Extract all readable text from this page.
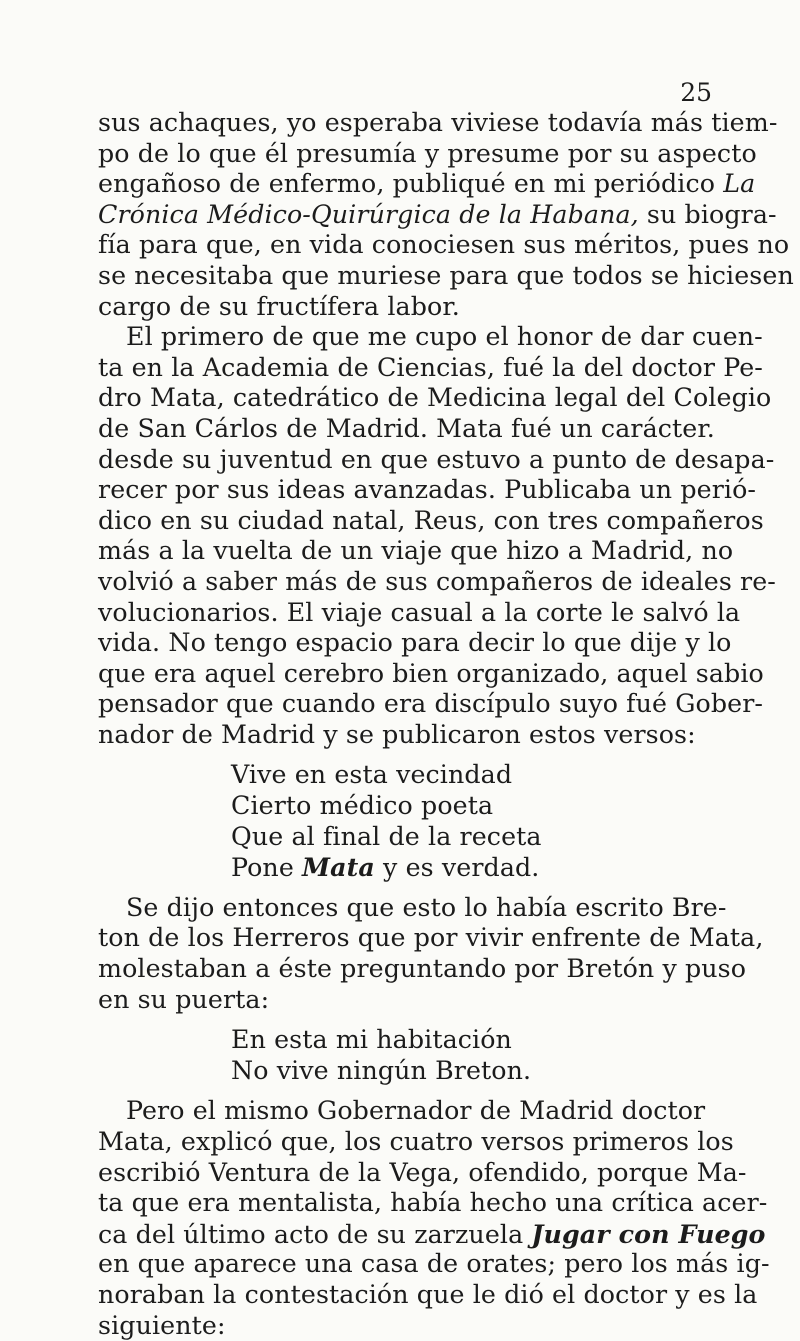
25
sus achaques, yo esperaba viviese todavía más tiem-
po de lo que él presumía y presume por su aspecto
engañoso de enfermo, publiqué en mi periódico La
Crónica Médico-Quirúrgica de la Habana, su biogra-
fía para que, en vida conociesen sus méritos, pues no
se necesitaba que muriese para que todos se hiciesen
cargo de su fructífera labor.
El primero de que me cupo el honor de dar cuen-
ta en la Academia de Ciencias, fué la del doctor Pe-
dro Mata, catedrático de Medicina legal del Colegio
de San Cárlos de Madrid. Mata fué un carácter.
desde su juventud en que estuvo a punto de desapa-
recer por sus ideas avanzadas. Publicaba un perió-
dico en su ciudad natal, Reus, con tres compañeros
más a la vuelta de un viaje que hizo a Madrid, no
volvió a saber más de sus compañeros de ideales re-
volucionarios. El viaje casual a la corte le salvó la
vida. No tengo espacio para decir lo que dije y lo
que era aquel cerebro bien organizado, aquel sabio
pensador que cuando era discípulo suyo fué Gober-
nador de Madrid y se publicaron estos versos:
Vive en esta vecindad
Cierto médico poeta
Que al final de la receta
Pone Mata y es verdad.
Se dijo entonces que esto lo había escrito Bre-
ton de los Herreros que por vivir enfrente de Mata,
molestaban a éste preguntando por Bretón y puso
en su puerta:
En esta mi habitación
No vive ningún Breton.
Pero el mismo Gobernador de Madrid doctor
Mata, explicó que, los cuatro versos primeros los
escribió Ventura de la Vega, ofendido, porque Ma-
ta que era mentalista, había hecho una crítica acer-
ca del último acto de su zarzuela Jugar con Fuego
en que aparece una casa de orates; pero los más ig-
noraban la contestación que le dió el doctor y es la
siguiente:
